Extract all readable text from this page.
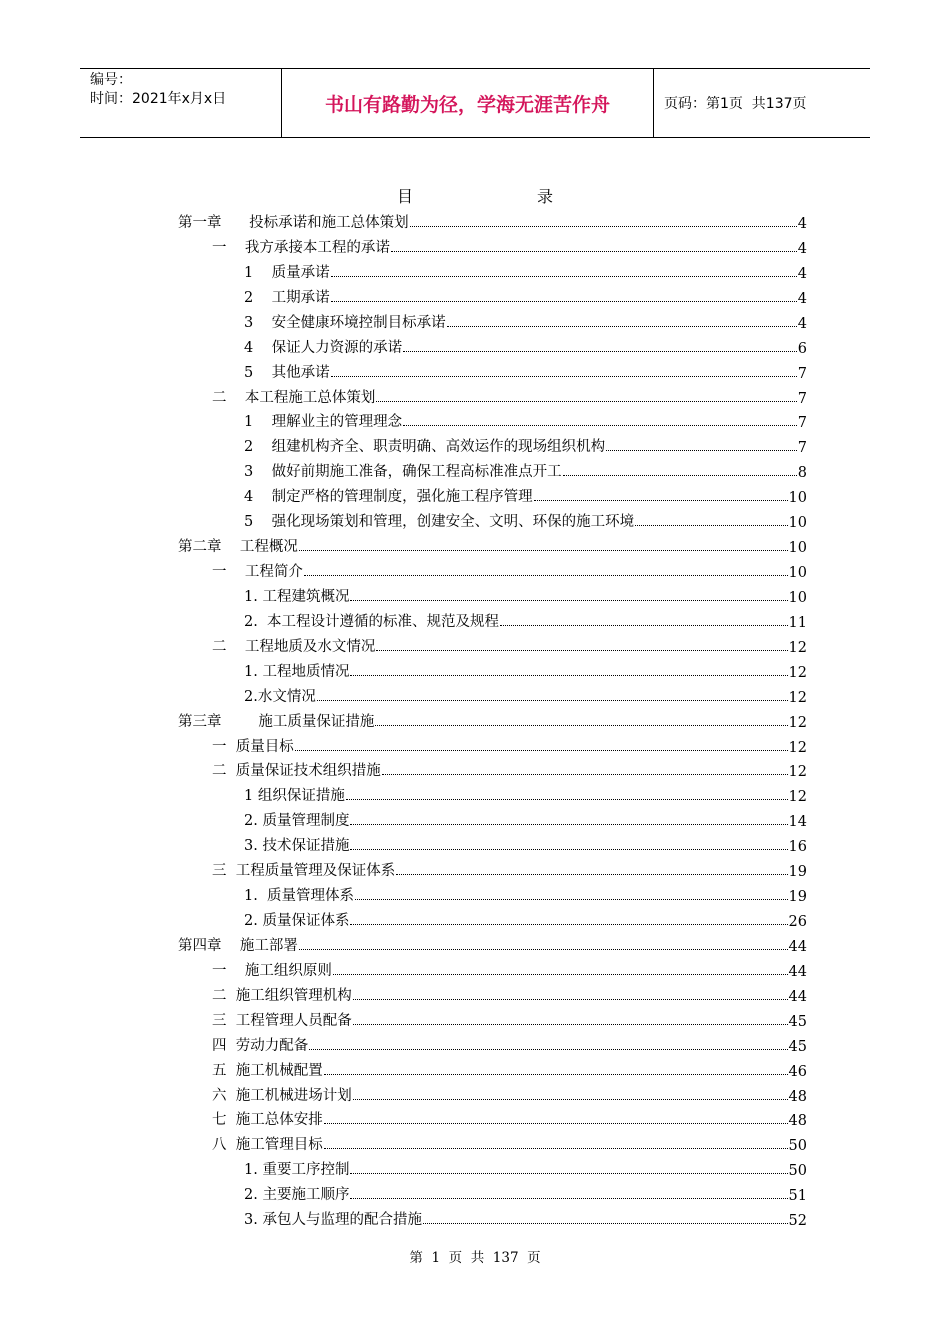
编号：
时间：2021年x月x日	书山有路勤为径，学海无涯苦作舟	页码：第1页  共137页
目	录
第一章      投标承诺和施工总体策划	4
一    我方承接本工程的承诺	4
1    质量承诺	4
2    工期承诺	4
3    安全健康环境控制目标承诺	4
4    保证人力资源的承诺	6
5    其他承诺	7
二    本工程施工总体策划	7
1    理解业主的管理理念	7
2    组建机构齐全、职责明确、高效运作的现场组织机构	7
3    做好前期施工准备，确保工程高标准准点开工	8
4    制定严格的管理制度，强化施工程序管理	10
5    强化现场策划和管理，创建安全、文明、环保的施工环境	10
第二章    工程概况	10
一    工程简介	10
1. 工程建筑概况	10
2.  本工程设计遵循的标准、规范及规程	11
二    工程地质及水文情况	12
1. 工程地质情况	12
2.水文情况	12
第三章        施工质量保证措施	12
一  质量目标	12
二  质量保证技术组织措施	12
1 组织保证措施	12
2. 质量管理制度	14
3. 技术保证措施	16
三  工程质量管理及保证体系	19
1.  质量管理体系	19
2. 质量保证体系	26
第四章    施工部署	44
一    施工组织原则	44
二  施工组织管理机构	44
三  工程管理人员配备	45
四  劳动力配备	45
五  施工机械配置	46
六  施工机械进场计划	48
七  施工总体安排	48
八  施工管理目标	50
1. 重要工序控制	50
2. 主要施工顺序	51
3. 承包人与监理的配合措施	52
第  1  页  共  137  页
